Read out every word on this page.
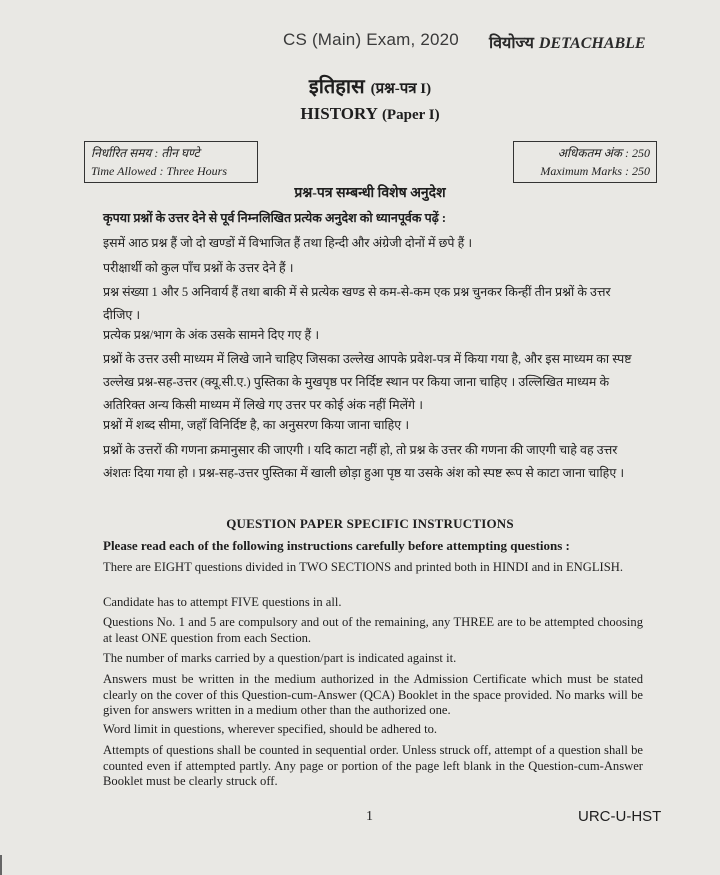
CS (Main) Exam, 2020 वियोज्य DETACHABLE
इतिहास (प्रश्न-पत्र I)
HISTORY (Paper I)
निर्धारित समय : तीन घण्टे
Time Allowed : Three Hours
अधिकतम अंक : 250
Maximum Marks : 250
प्रश्न-पत्र सम्बन्धी विशेष अनुदेश
कृपया प्रश्नों के उत्तर देने से पूर्व निम्नलिखित प्रत्येक अनुदेश को ध्यानपूर्वक पढ़ें :
इसमें आठ प्रश्न हैं जो दो खण्डों में विभाजित हैं तथा हिन्दी और अंग्रेजी दोनों में छपे हैं ।
परीक्षार्थी को कुल पाँच प्रश्नों के उत्तर देने हैं ।
प्रश्न संख्या 1 और 5 अनिवार्य हैं तथा बाकी में से प्रत्येक खण्ड से कम-से-कम एक प्रश्न चुनकर किन्हीं तीन प्रश्नों के उत्तर दीजिए ।
प्रत्येक प्रश्न/भाग के अंक उसके सामने दिए गए हैं ।
प्रश्नों के उत्तर उसी माध्यम में लिखे जाने चाहिए जिसका उल्लेख आपके प्रवेश-पत्र में किया गया है, और इस माध्यम का स्पष्ट उल्लेख प्रश्न-सह-उत्तर (क्यू.सी.ए.) पुस्तिका के मुखपृष्ठ पर निर्दिष्ट स्थान पर किया जाना चाहिए । उल्लिखित माध्यम के अतिरिक्त अन्य किसी माध्यम में लिखे गए उत्तर पर कोई अंक नहीं मिलेंगे ।
प्रश्नों में शब्द सीमा, जहाँ विनिर्दिष्ट है, का अनुसरण किया जाना चाहिए ।
प्रश्नों के उत्तरों की गणना क्रमानुसार की जाएगी । यदि काटा नहीं हो, तो प्रश्न के उत्तर की गणना की जाएगी चाहे वह उत्तर अंशतः दिया गया हो । प्रश्न-सह-उत्तर पुस्तिका में खाली छोड़ा हुआ पृष्ठ या उसके अंश को स्पष्ट रूप से काटा जाना चाहिए ।
QUESTION PAPER SPECIFIC INSTRUCTIONS
Please read each of the following instructions carefully before attempting questions :
There are EIGHT questions divided in TWO SECTIONS and printed both in HINDI and in ENGLISH.
Candidate has to attempt FIVE questions in all.
Questions No. 1 and 5 are compulsory and out of the remaining, any THREE are to be attempted choosing at least ONE question from each Section.
The number of marks carried by a question/part is indicated against it.
Answers must be written in the medium authorized in the Admission Certificate which must be stated clearly on the cover of this Question-cum-Answer (QCA) Booklet in the space provided. No marks will be given for answers written in a medium other than the authorized one.
Word limit in questions, wherever specified, should be adhered to.
Attempts of questions shall be counted in sequential order. Unless struck off, attempt of a question shall be counted even if attempted partly. Any page or portion of the page left blank in the Question-cum-Answer Booklet must be clearly struck off.
1	URC-U-HST
